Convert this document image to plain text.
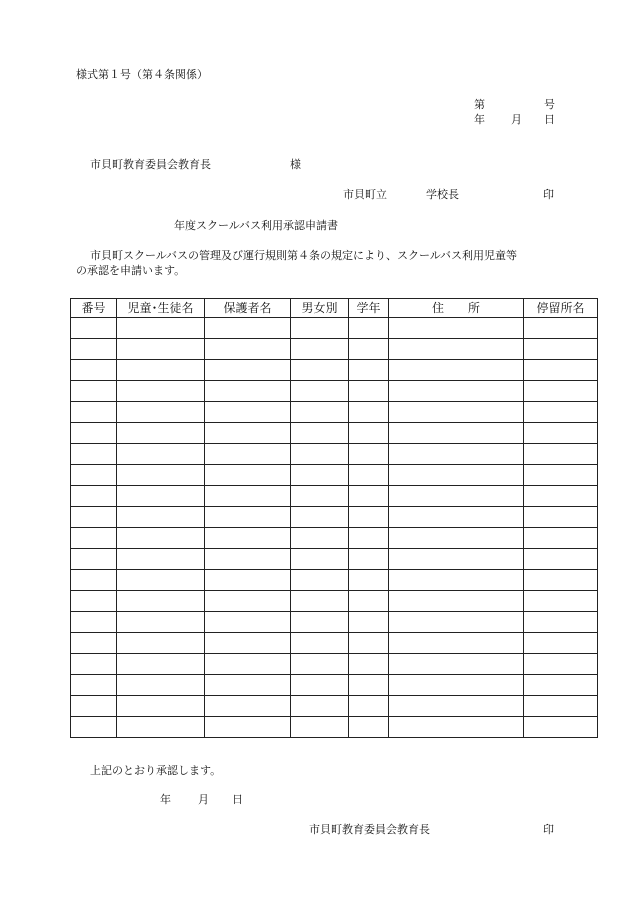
様式第１号（第４条関係）
第	号
年 月 日
市貝町教育委員会教育長	様
市貝町立	学校長	印
年度スクールバス利用承認申請書
市貝町スクールバスの管理及び運行規則第４条の規定により、スクールバス利用児童等
の承認を申請います。
番号	児童･生徒名	保護者名	男女別	学年	住　　所	停留所名

上記のとおり承認します。
年 月 日
市貝町教育委員会教育長	印
